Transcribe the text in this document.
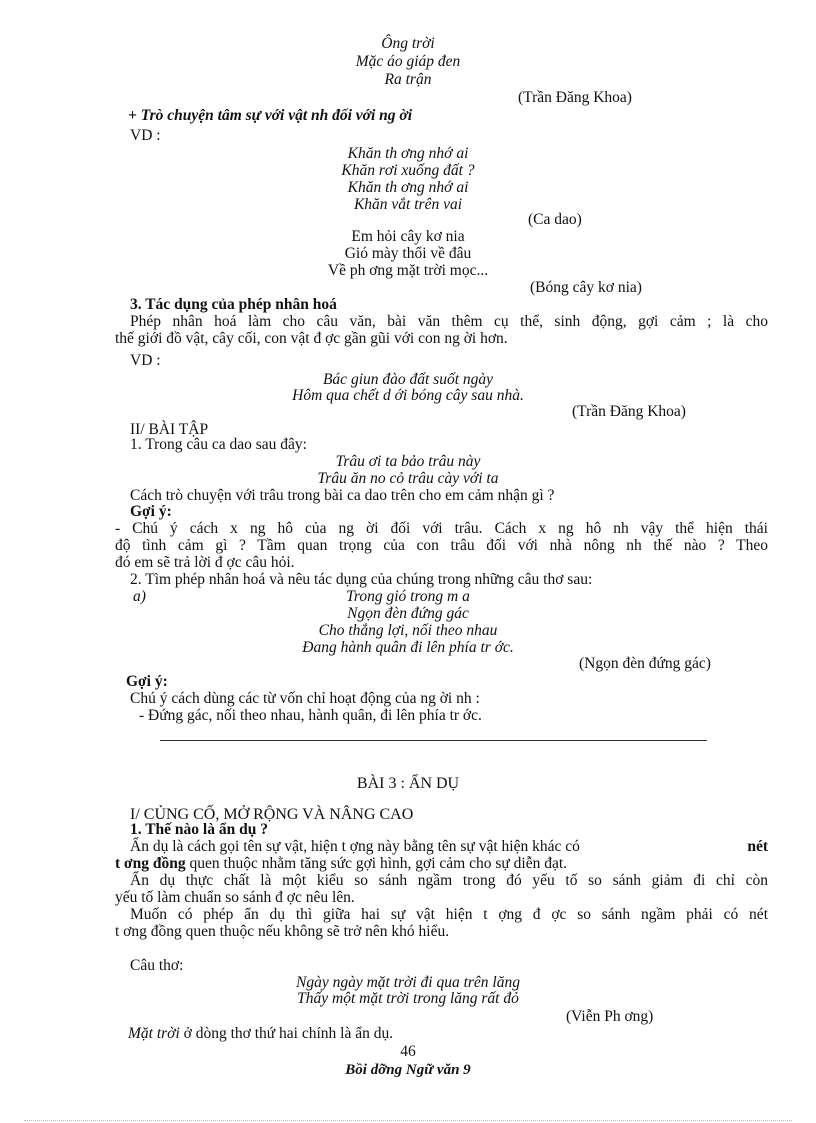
Ông trời
Mặc áo giáp đen
Ra trận
(Trần Đăng Khoa)
+ Trò chuyện tâm sự với vật nh đối với ng ời
VD :
Khăn th ơng nhớ ai
Khăn rơi xuống đất ?
Khăn th ơng nhớ ai
Khăn vắt trên vai
(Ca dao)
Em hỏi cây kơ nia
Gió mày thổi về đâu
Về ph ơng mặt trời mọc...
(Bóng cây kơ nia)
3. Tác dụng của phép nhân hoá
Phép nhân hoá làm cho câu văn, bài văn thêm cụ thể, sinh động, gợi cảm ; là cho
thế giới đồ vật, cây cối, con vật đ ợc gần gũi với con ng ời hơn.
VD :
Bác giun đào đất suốt ngày
Hôm qua chết d ới bóng cây sau nhà.
(Trần Đăng Khoa)
II/ BÀI TẬP
1. Trong câu ca dao sau đây:
Trâu ơi ta bảo trâu này
Trâu ăn no cỏ trâu cày với ta
Cách trò chuyện với trâu trong bài ca dao trên cho em cảm nhận gì ?
Gợi ý:
- Chú ý cách x ng hô của ng ời đối với trâu. Cách x ng hô nh vậy thể hiện thái
độ tình cảm gì ? Tầm quan trọng của con trâu đối với nhà nông nh thế nào ? Theo
đó em sẽ trả lời đ ợc câu hỏi.
2. Tìm phép nhân hoá và nêu tác dụng của chúng trong những câu thơ sau:
a)	Trong gió trong m a
Ngọn đèn đứng gác
Cho thắng lợi, nối theo nhau
Đang hành quân đi lên phía tr ớc.
(Ngọn đèn đứng gác)
Gợi ý:
Chú ý cách dùng các từ vốn chỉ hoạt động của ng ời nh :
- Đứng gác, nối theo nhau, hành quân, đi lên phía tr ớc.
BÀI 3 : ẨN DỤ
I/ CỦNG CỐ, MỞ RỘNG VÀ NÂNG CAO
1. Thế nào là ẩn dụ ?
Ẩn dụ là cách gọi tên sự vật, hiện t ợng này bằng tên sự vật hiện khác có	nét
t ơng đồng quen thuộc nhằm tăng sức gợi hình, gợi cảm cho sự diễn đạt.
Ẩn dụ thực chất là một kiểu so sánh ngầm trong đó yếu tố so sánh giảm đi chỉ còn
yếu tố làm chuẩn so sánh đ ợc nêu lên.
Muốn có phép ẩn dụ thì giữa hai sự vật hiện t ợng đ ợc so sánh ngầm phải có nét
t ơng đồng quen thuộc nếu không sẽ trở nên khó hiểu.
Câu thơ:
Ngày ngày mặt trời đi qua trên lăng
Thấy một mặt trời trong lăng rất đỏ
(Viễn Ph ơng)
Mặt trời ở dòng thơ thứ hai chính là ẩn dụ.
46
Bồi dỡng Ngữ văn 9
